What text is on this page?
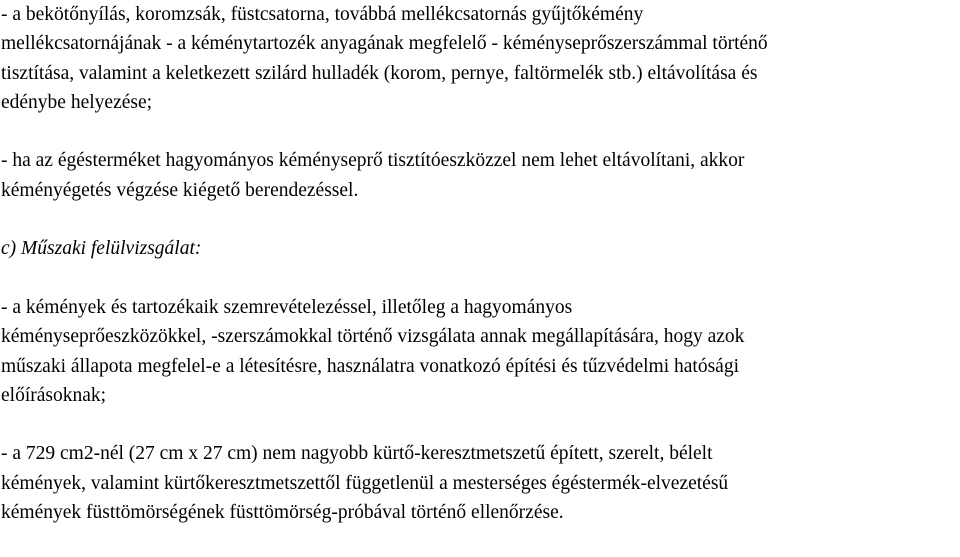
- a bekötőnyílás, koromzsák, füstcsatorna, továbbá mellékcsatornás gyűjtőkémény
mellékcsatornájának - a kéménytartozék anyagának megfelelő - kéményseprőszerszámmal történő
tisztítása, valamint a keletkezett szilárd hulladék (korom, pernye, faltörmelék stb.) eltávolítása és
edénybe helyezése;

- ha az égésterméket hagyományos kéményseprő tisztítóeszközzel nem lehet eltávolítani, akkor
kéményégetés végzése kiégető berendezéssel.

c) Műszaki felülvizsgálat:

- a kémények és tartozékaik szemrevételezéssel, illetőleg a hagyományos
kéményseprőeszközökkel, -szerszámokkal történő vizsgálata annak megállapítására, hogy azok
műszaki állapota megfelel-e a létesítésre, használatra vonatkozó építési és tűzvédelmi hatósági
előírásoknak;

- a 729 cm2-nél (27 cm x 27 cm) nem nagyobb kürtő-keresztmetszetű épített, szerelt, bélelt
kémények, valamint kürtőkeresztmetszettől függetlenül a mesterséges égéstermék-elvezetésű
kémények füsttömörségének füsttömörség-próbával történő ellenőrzése.
